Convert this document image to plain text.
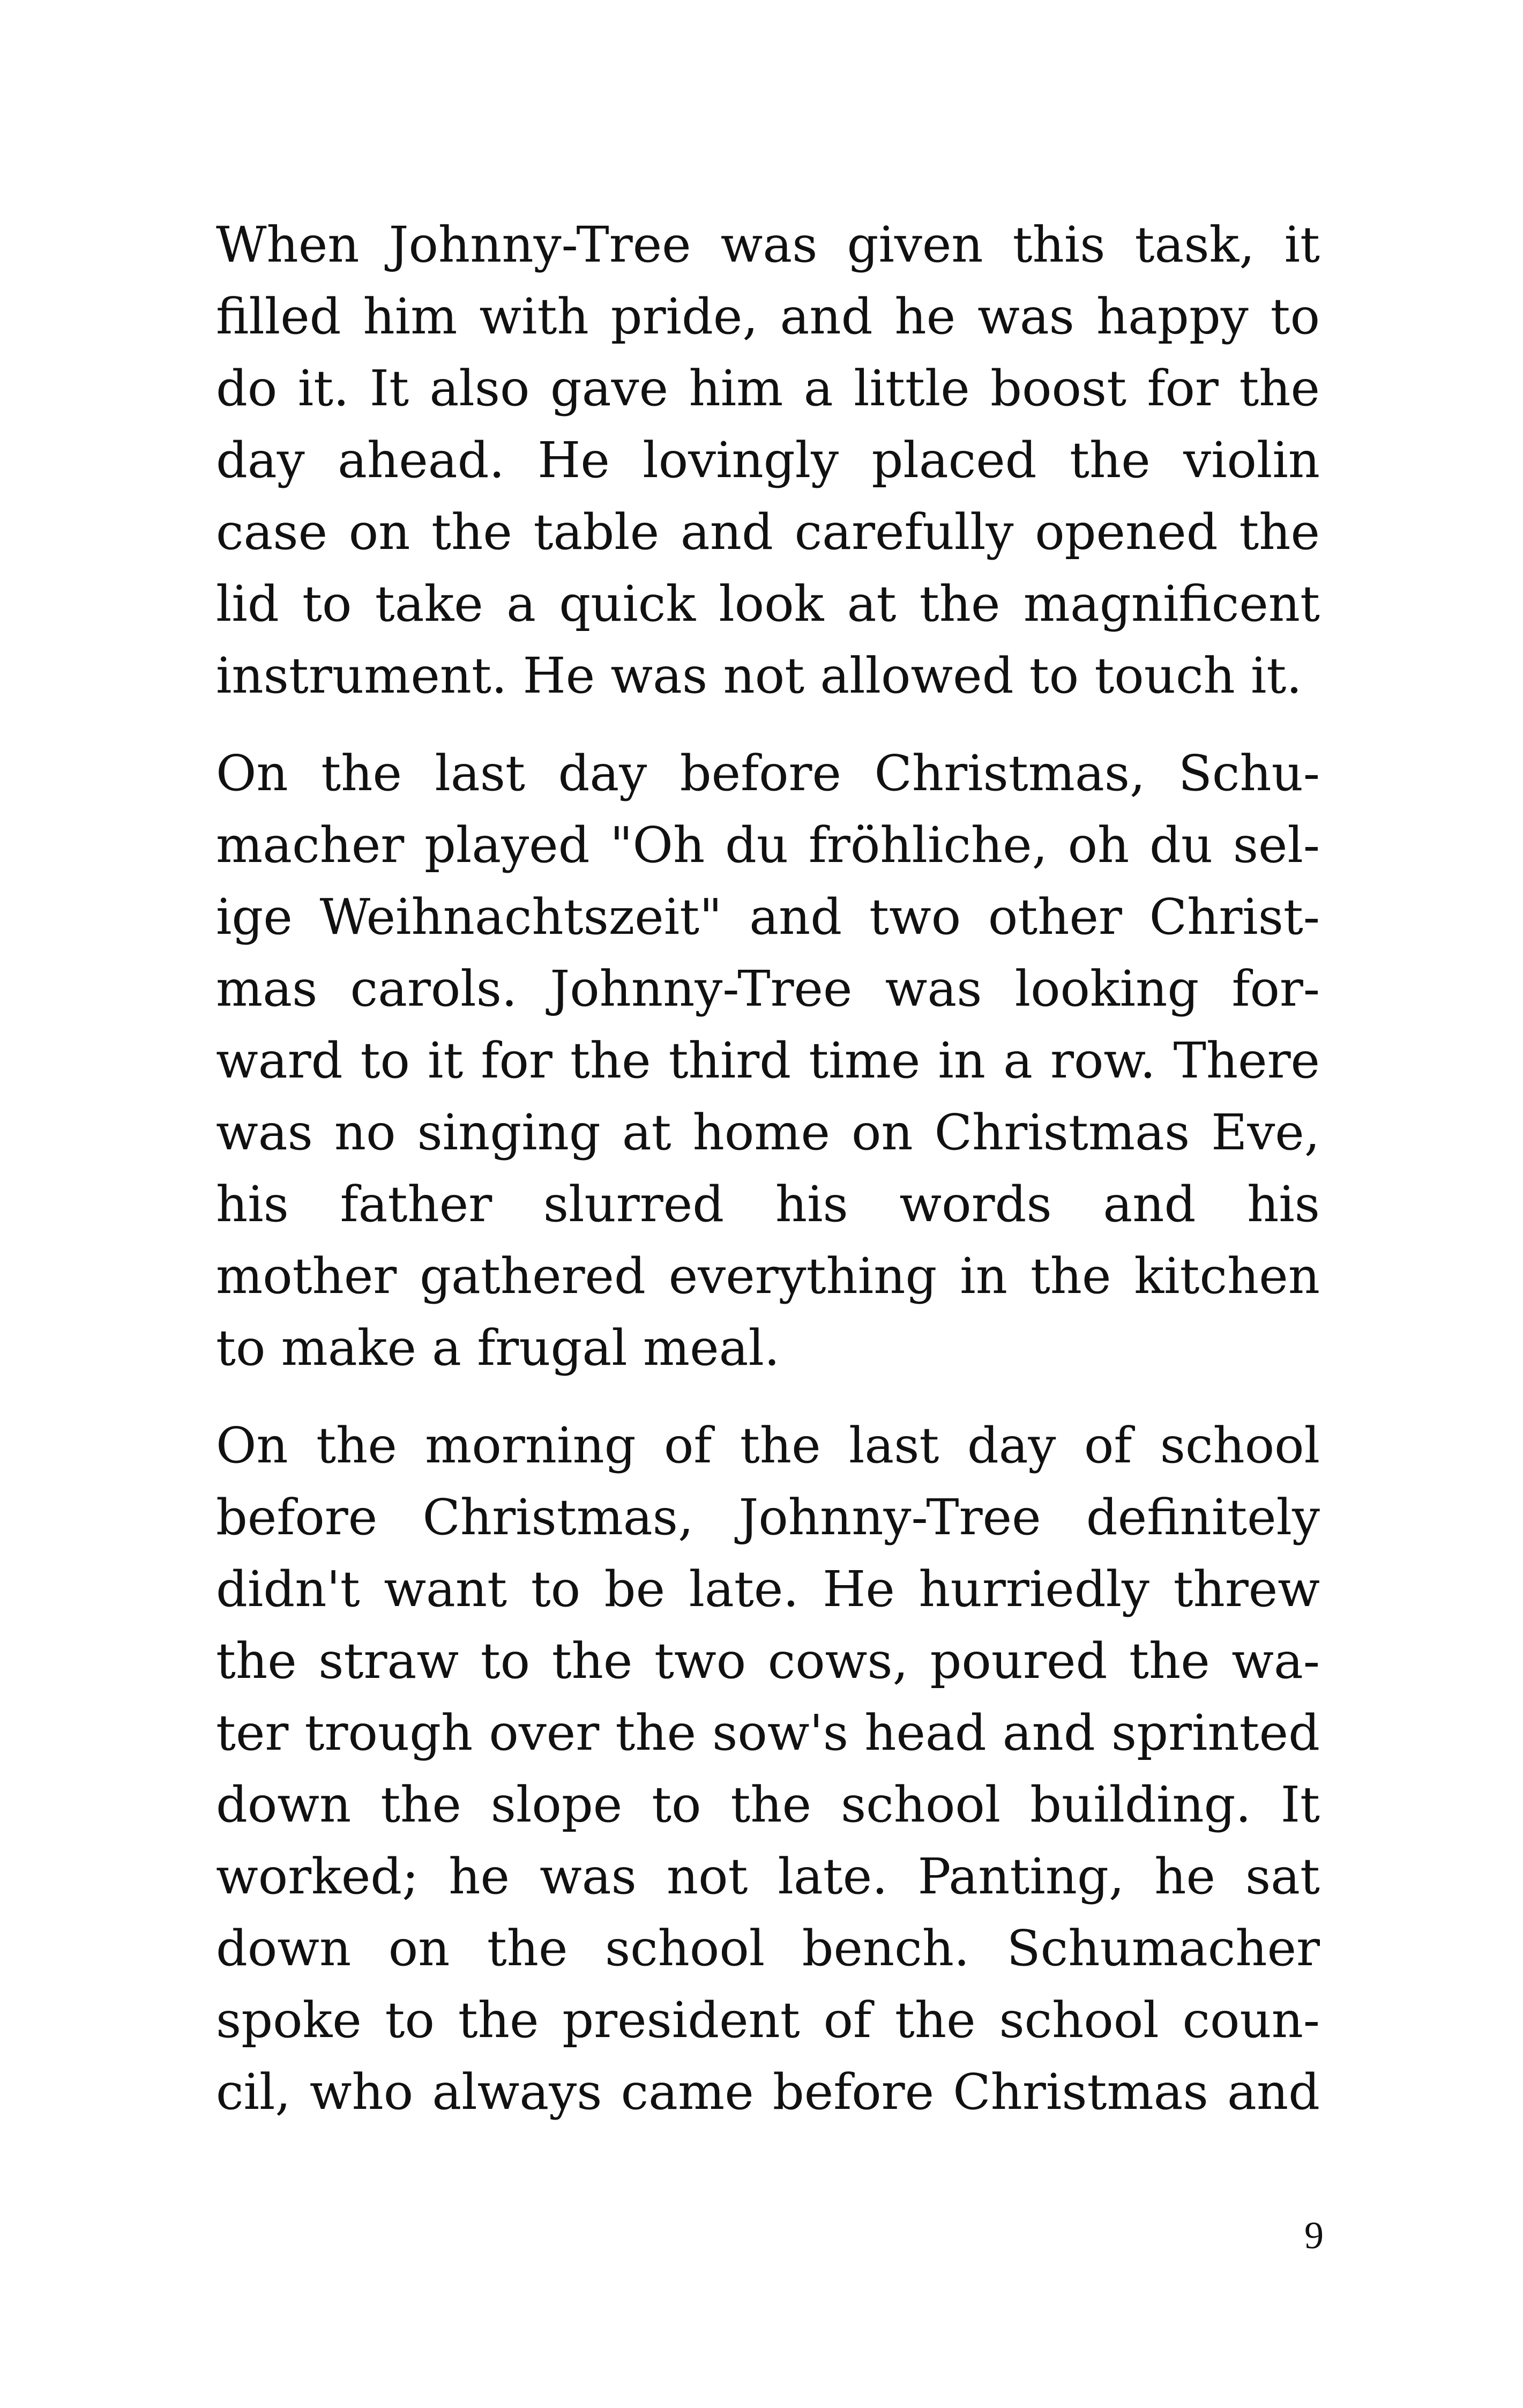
When Johnny-Tree was given this task, it
filled him with pride, and he was happy to
do it. It also gave him a little boost for the
day ahead. He lovingly placed the violin
case on the table and carefully opened the
lid to take a quick look at the magnificent
instrument. He was not allowed to touch it.

On the last day before Christmas, Schu-
macher played "Oh du fröhliche, oh du sel-
ige Weihnachtszeit" and two other Christ-
mas carols. Johnny-Tree was looking for-
ward to it for the third time in a row. There
was no singing at home on Christmas Eve,
his father slurred his words and his
mother gathered everything in the kitchen
to make a frugal meal.

On the morning of the last day of school
before Christmas, Johnny-Tree definitely
didn't want to be late. He hurriedly threw
the straw to the two cows, poured the wa-
ter trough over the sow's head and sprinted
down the slope to the school building. It
worked; he was not late. Panting, he sat
down on the school bench. Schumacher
spoke to the president of the school coun-
cil, who always came before Christmas and

9
